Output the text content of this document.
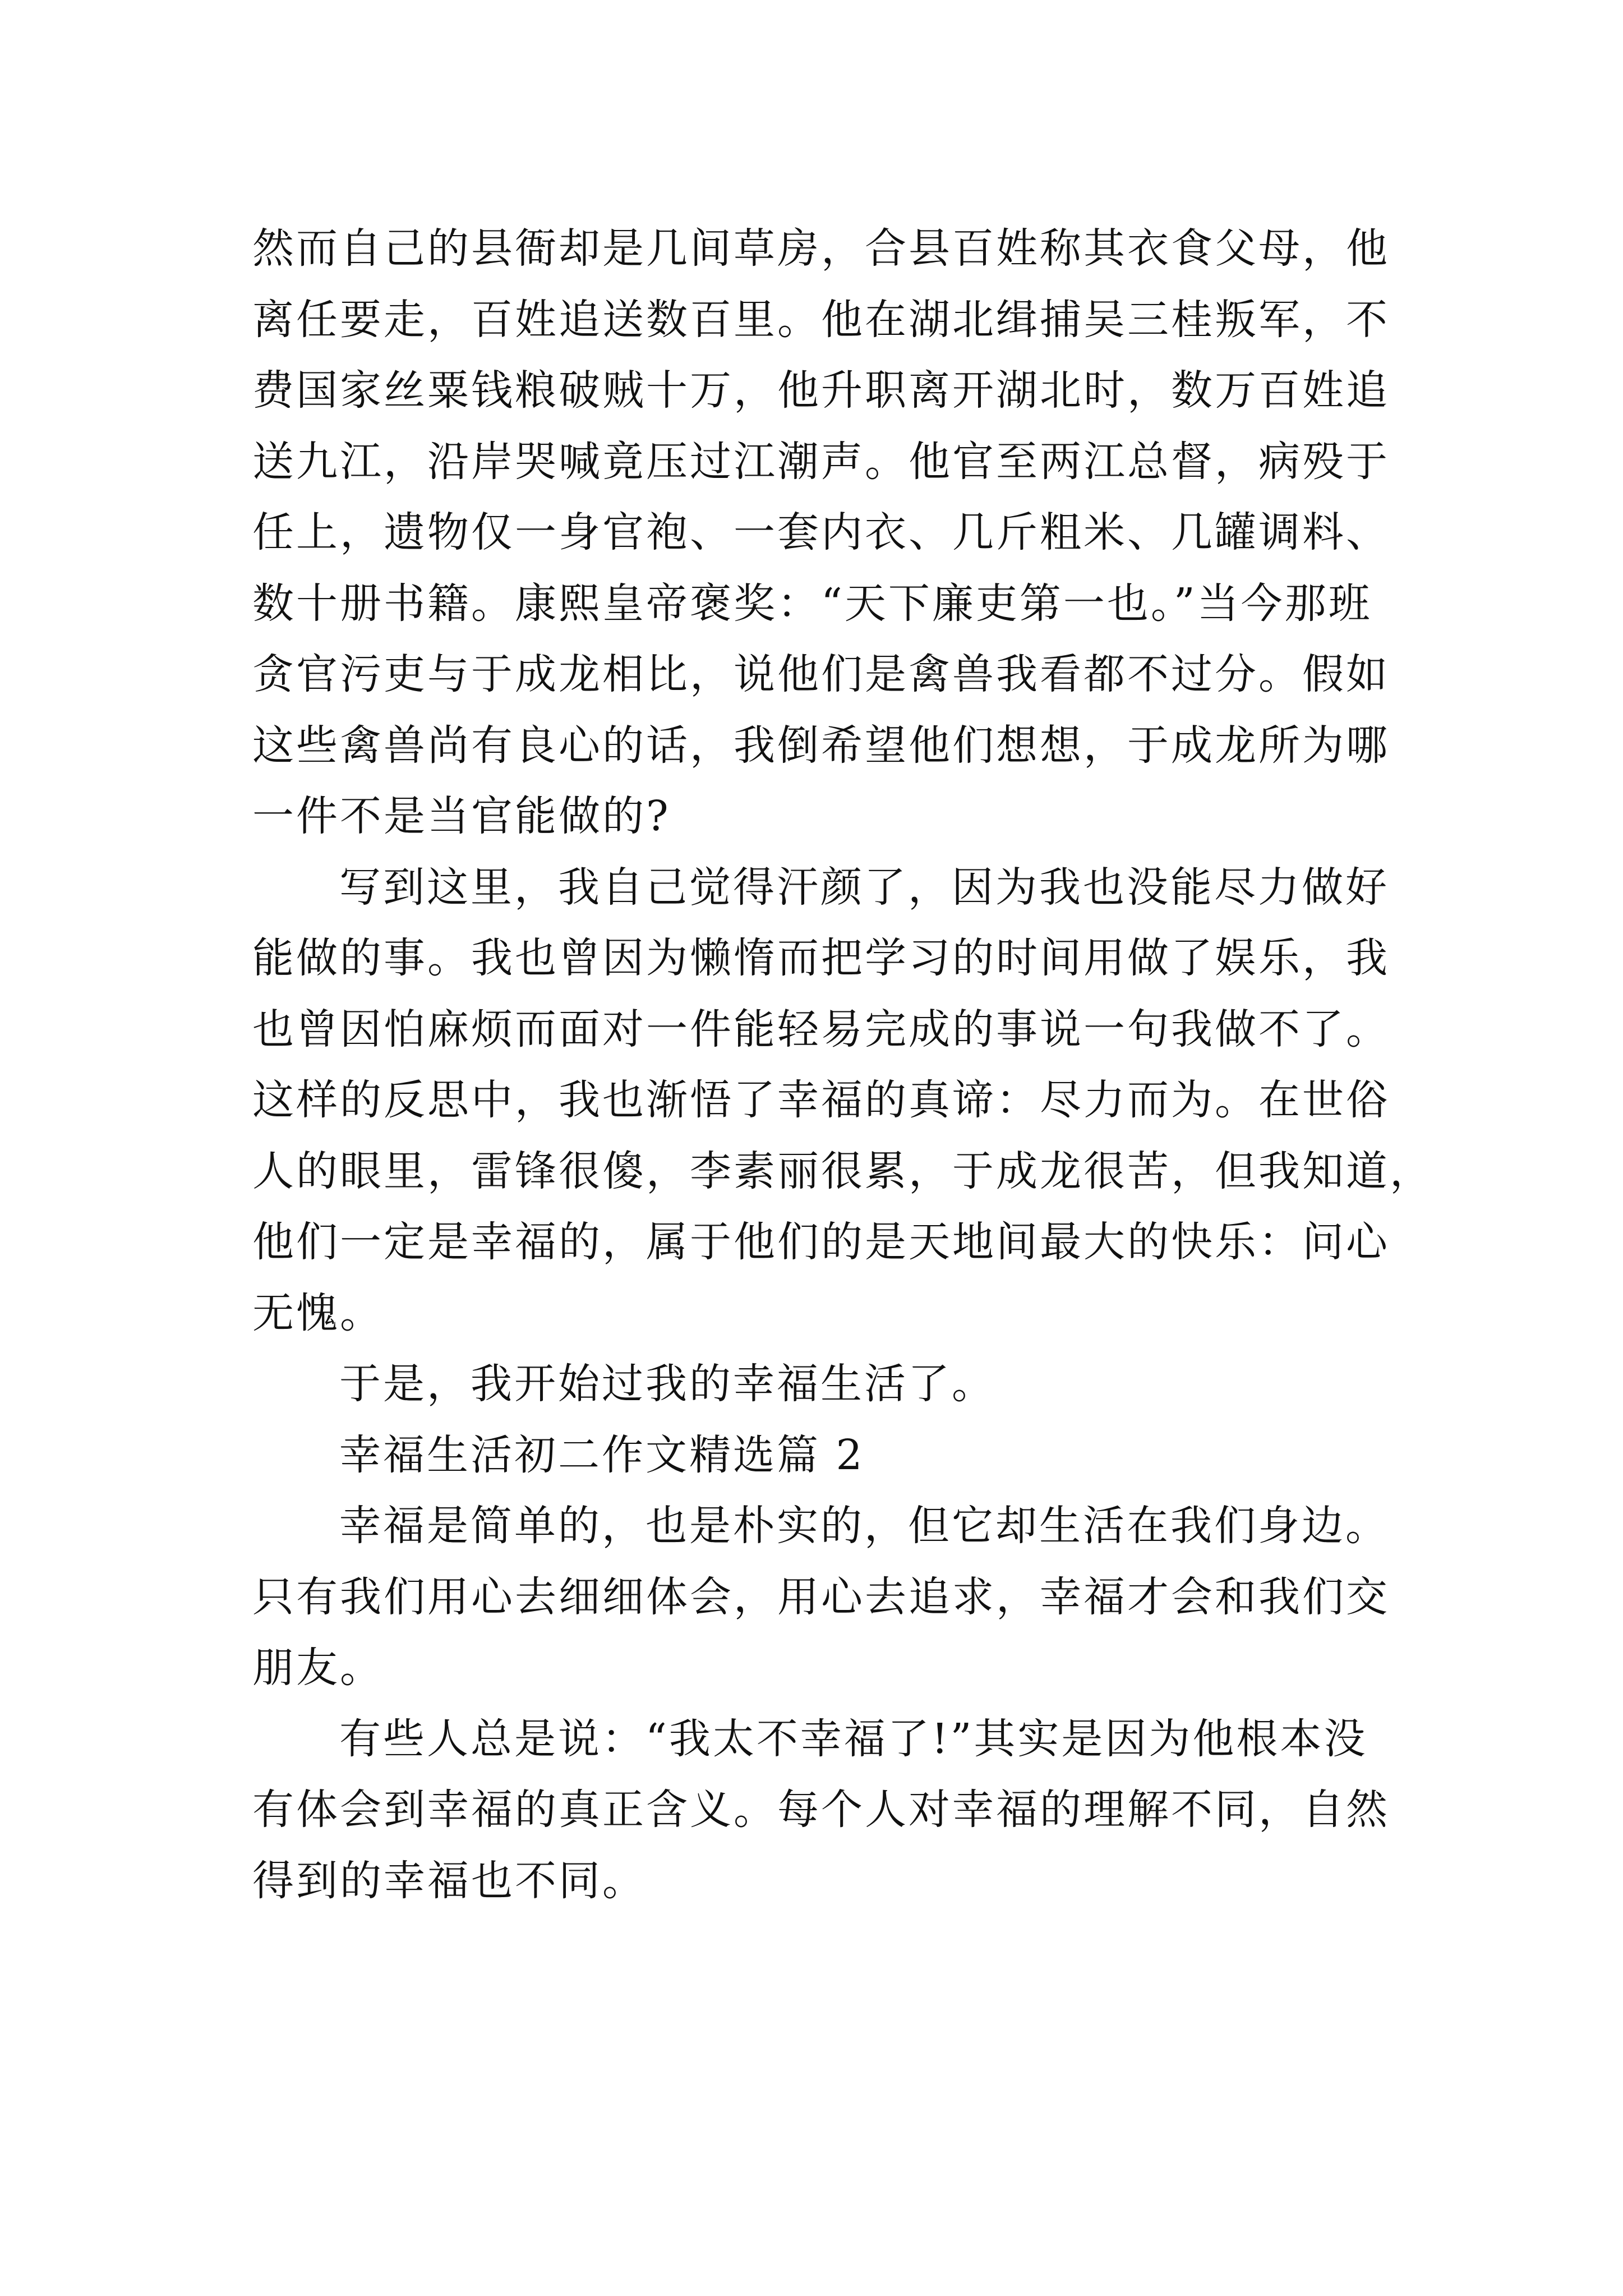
然而自己的县衙却是几间草房，合县百姓称其衣食父母，他
离任要走，百姓追送数百里。他在湖北缉捕吴三桂叛军，不
费国家丝粟钱粮破贼十万，他升职离开湖北时，数万百姓追
送九江，沿岸哭喊竟压过江潮声。他官至两江总督，病殁于
任上，遗物仅一身官袍、一套内衣、几斤粗米、几罐调料、
数十册书籍。康熙皇帝褒奖：“天下廉吏第一也。”当今那班
贪官污吏与于成龙相比，说他们是禽兽我看都不过分。假如
这些禽兽尚有良心的话，我倒希望他们想想，于成龙所为哪
一件不是当官能做的?
写到这里，我自己觉得汗颜了，因为我也没能尽力做好
能做的事。我也曾因为懒惰而把学习的时间用做了娱乐，我
也曾因怕麻烦而面对一件能轻易完成的事说一句我做不了。
这样的反思中，我也渐悟了幸福的真谛：尽力而为。在世俗
人的眼里，雷锋很傻，李素丽很累，于成龙很苦，但我知道，
他们一定是幸福的，属于他们的是天地间最大的快乐：问心
无愧。
于是，我开始过我的幸福生活了。
幸福生活初二作文精选篇 2
幸福是简单的，也是朴实的，但它却生活在我们身边。
只有我们用心去细细体会，用心去追求，幸福才会和我们交
朋友。
有些人总是说：“我太不幸福了!”其实是因为他根本没
有体会到幸福的真正含义。每个人对幸福的理解不同，自然
得到的幸福也不同。
